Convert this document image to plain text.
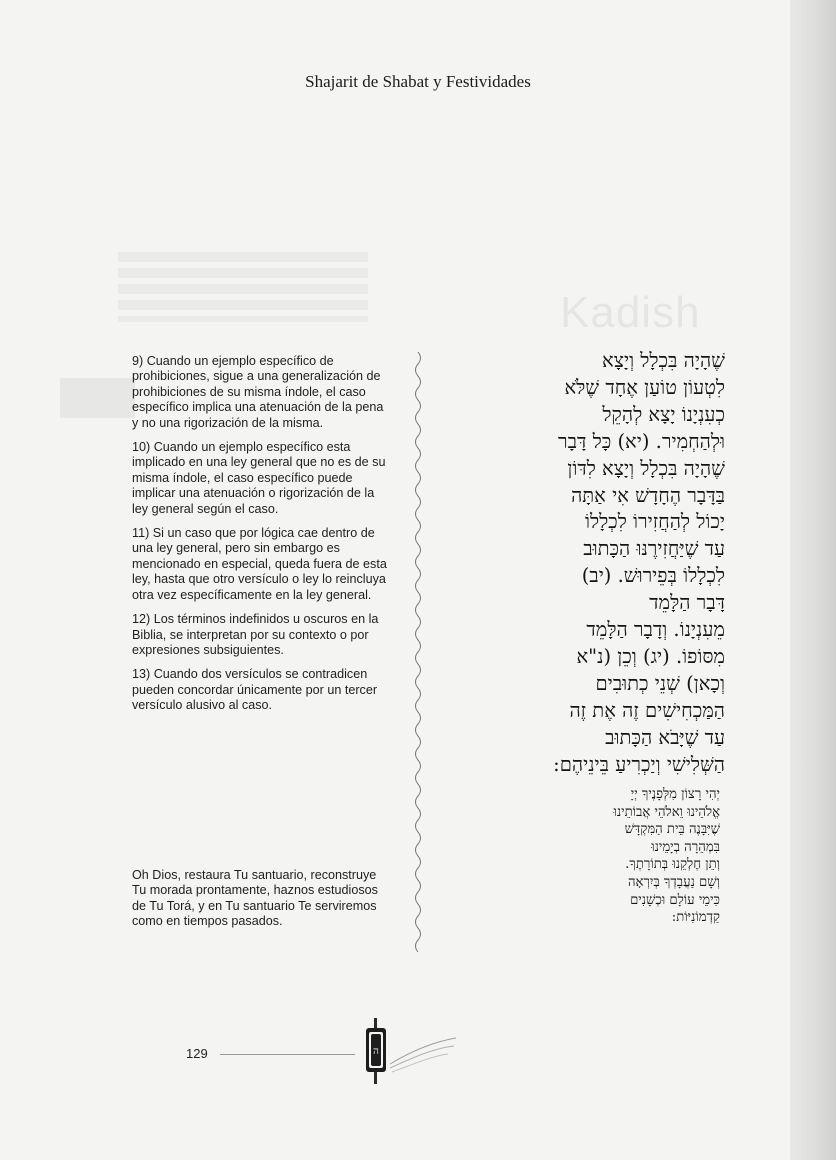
Kadish
Shajarit de Shabat y Festividades

9) Cuando un ejemplo específico de prohibiciones, sigue a una generalización de prohibiciones de su misma índole, el caso específico implica una atenuación de la pena y no una rigorización de la misma.

10) Cuando un ejemplo específico esta implicado en una ley general que no es de su misma índole, el caso específico puede implicar una atenuación o rigorización de la ley general según el caso.

11) Si un caso que por lógica cae dentro de una ley general, pero sin embargo es mencionado en especial, queda fuera de esta ley, hasta que otro versículo o ley lo reincluya otra vez específicamente en la ley general.

12) Los términos indefinidos u oscuros en la Biblia, se interpretan por su contexto o por expresiones subsiguientes.

13) Cuando dos versículos se contradicen pueden concordar únicamente por un tercer versículo alusivo al caso.

Oh Dios, restaura Tu santuario, reconstruye Tu morada prontamente, haznos estudiosos de Tu Torá, y en Tu santuario Te serviremos como en tiempos pasados.

שֶׁהָיָה בִּכְלָל וְיָצָא
לִטְעוֹן טוֹעַן אֶחָד שֶׁלֹּא
כְעִנְיָנוֹ יָצָא לְהָקֵל
וּלְהַחְמִיר. (יא) כָּל דָּבָר
שֶׁהָיָה בִּכְלָל וְיָצָא לִדּוֹן
בַּדָּבָר הֶחָדָשׁ אִי אַתָּה
יָכוֹל לְהַחֲזִירוֹ לִכְלָלוֹ
עַד שֶׁיַּחֲזִירֶנּוּ הַכָּתוּב
לִכְלָלוֹ בְּפֵירוּשׁ. (יב)
דָּבָר הַלָּמֵד
מֵעִנְיָנוֹ. וְדָבָר הַלָּמֵד
מִסּוֹפוֹ. (יג) וְכֵן (נ"א
וְכָאן) שְׁנֵי כְתוּבִים
הַמַּכְחִישִׁים זֶה אֶת זֶה
עַד שֶׁיָּבֹא הַכָּתוּב
הַשְּׁלִישִׁי וְיַכְרִיעַ בֵּינֵיהֶם:
יְהִי רָצוֹן מִלְּפָנֶיךָ יְיָ
אֱלֹהֵינוּ וֵאלֹהֵי אֲבוֹתֵינוּ
שֶׁיִּבָּנֶה בֵּית הַמִּקְדָּשׁ
בִּמְהֵרָה בְיָמֵינוּ
וְתֵן חֶלְקֵנוּ בְּתוֹרָתֶךָ.
וְשָׁם נַעֲבָדְךָ בְּיִרְאָה
כִּימֵי עוֹלָם וּכְשָׁנִים
קַדְמוֹנִיּוֹת:
129	ה
